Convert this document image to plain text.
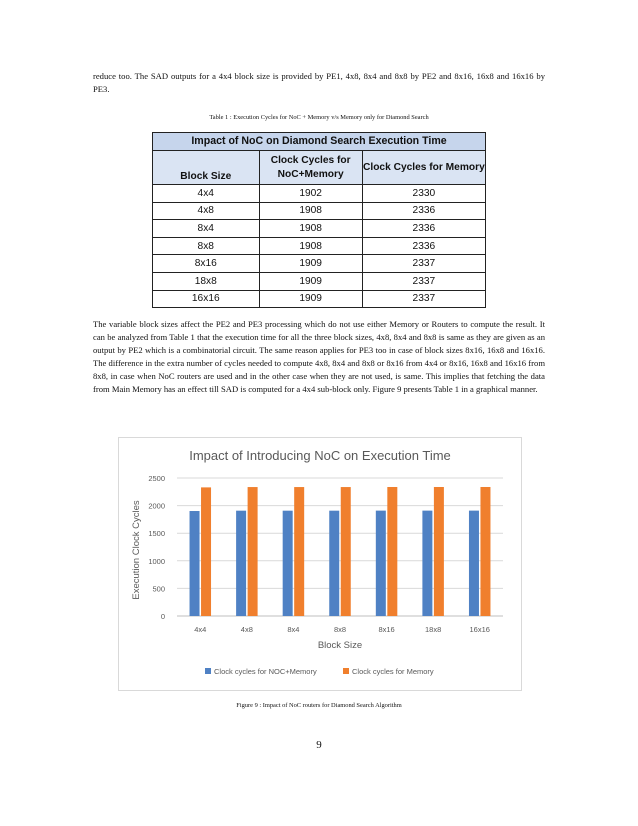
reduce too. The SAD outputs for a 4x4 block size is provided by PE1, 4x8, 8x4 and 8x8 by PE2 and 8x16, 16x8 and 16x16 by PE3.

Table 1 : Execution Cycles for NoC + Memory v/s Memory only for Diamond Search
Impact of NoC on Diamond Search Execution Time		
Block Size	Clock Cycles for NoC+Memory	Clock Cycles for Memory
4x4	1902	2330
4x8	1908	2336
8x4	1908	2336
8x8	1908	2336
8x16	1909	2337
18x8	1909	2337
16x16	1909	2337

The variable block sizes affect the PE2 and PE3 processing which do not use either Memory or Routers to compute the result. It can be analyzed from Table 1 that the execution time for all the three block sizes, 4x8, 8x4 and 8x8 is same as they are given as an output by PE2 which is a combinatorial circuit. The same reason applies for PE3 too in case of block sizes 8x16, 16x8 and 16x16. The difference in the extra number of cycles needed to compute 4x8, 8x4 and 8x8 or 8x16 from 4x4 or 8x16, 16x8 and 16x16 from 8x8, in case when NoC routers are used and in the other case when they are not used, is same. This implies that fetching the data from Main Memory has an effect till SAD is computed for a 4x4 sub-block only. Figure 9 presents Table 1 in a graphical manner.

Impact of Introducing NoC on Execution Time
0
500
1000
1500
2000
2500
4x4	4x8	8x4	8x8	8x16	18x8	16x16
Block Size
Execution Clock Cycles
Clock cycles for NOC+Memory	Clock cycles for Memory
Figure 9 : Impact of NoC routers for Diamond Search Algorithm
9
